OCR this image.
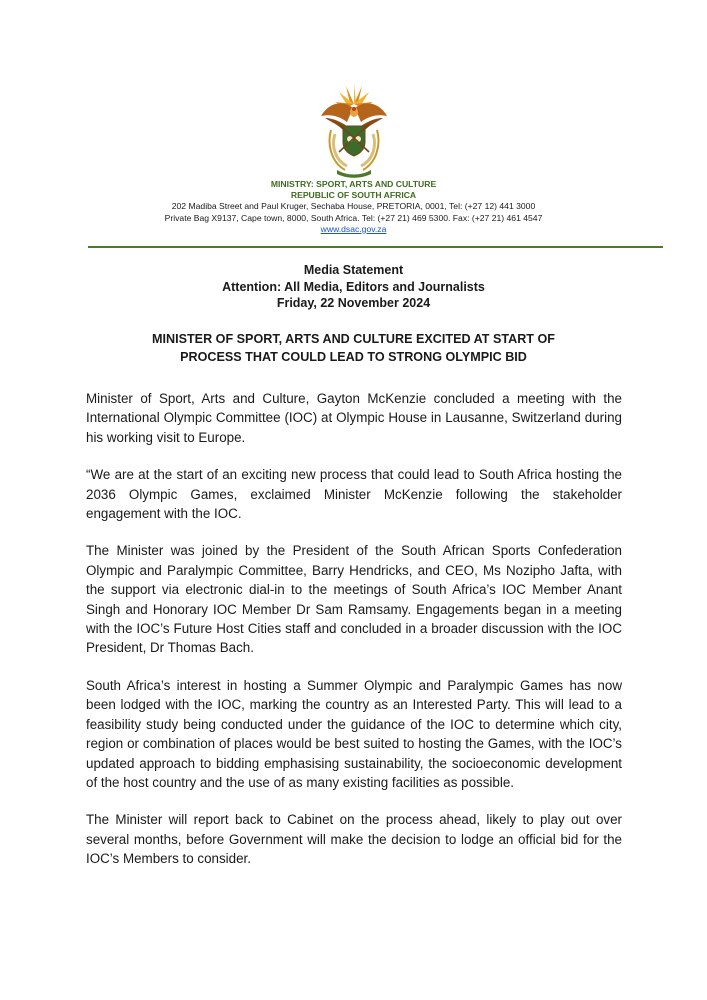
MINISTRY: SPORT, ARTS AND CULTURE
REPUBLIC OF SOUTH AFRICA
202 Madiba Street and Paul Kruger, Sechaba House, PRETORIA, 0001, Tel: (+27 12) 441 3000
Private Bag X9137, Cape town, 8000, South Africa. Tel: (+27 21) 469 5300. Fax: (+27 21) 461 4547
www.dsac.gov.za
Media Statement
Attention: All Media, Editors and Journalists
Friday, 22 November 2024
MINISTER OF SPORT, ARTS AND CULTURE EXCITED AT START OF
PROCESS THAT COULD LEAD TO STRONG OLYMPIC BID

Minister of Sport, Arts and Culture, Gayton McKenzie concluded a meeting with the International Olympic Committee (IOC) at Olympic House in Lausanne, Switzerland during his working visit to Europe.

“We are at the start of an exciting new process that could lead to South Africa hosting the 2036 Olympic Games, exclaimed Minister McKenzie following the stakeholder engagement with the IOC.

The Minister was joined by the President of the South African Sports Confederation Olympic and Paralympic Committee, Barry Hendricks, and CEO, Ms Nozipho Jafta, with the support via electronic dial-in to the meetings of South Africa’s IOC Member Anant Singh and Honorary IOC Member Dr Sam Ramsamy. Engagements began in a meeting with the IOC’s Future Host Cities staff and concluded in a broader discussion with the IOC President, Dr Thomas Bach.

South Africa’s interest in hosting a Summer Olympic and Paralympic Games has now been lodged with the IOC, marking the country as an Interested Party. This will lead to a feasibility study being conducted under the guidance of the IOC to determine which city, region or combination of places would be best suited to hosting the Games, with the IOC’s updated approach to bidding emphasising sustainability, the socioeconomic development of the host country and the use of as many existing facilities as possible.

The Minister will report back to Cabinet on the process ahead, likely to play out over several months, before Government will make the decision to lodge an official bid for the IOC’s Members to consider.
